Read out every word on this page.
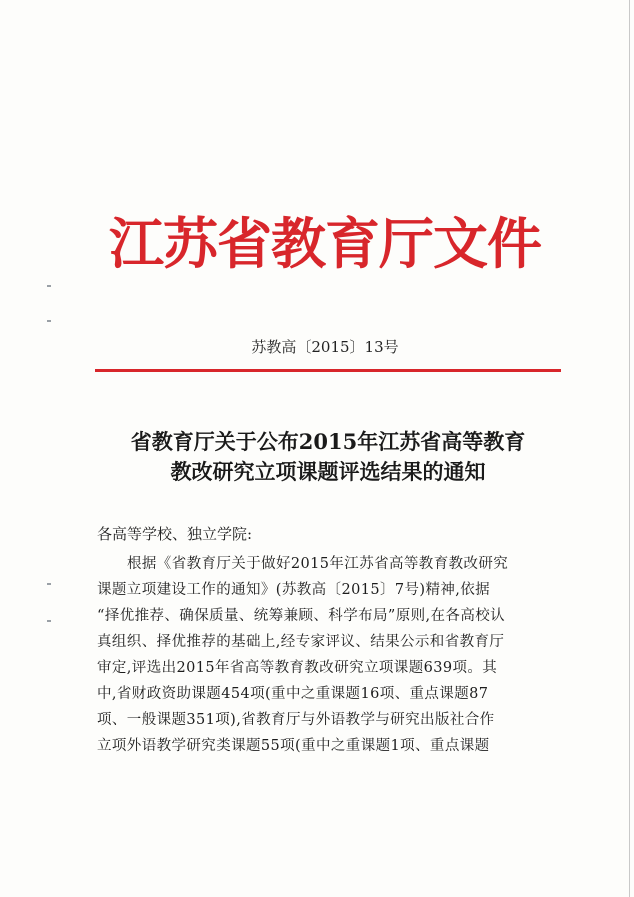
江苏省教育厅文件
苏教高〔2015〕13号
省教育厅关于公布2015年江苏省高等教育
教改研究立项课题评选结果的通知
各高等学校、独立学院:
根据《省教育厅关于做好2015年江苏省高等教育教改研究
课题立项建设工作的通知》(苏教高〔2015〕7号)精神,依据
“择优推荐、确保质量、统筹兼顾、科学布局”原则,在各高校认
真组织、择优推荐的基础上,经专家评议、结果公示和省教育厅
审定,评选出2015年省高等教育教改研究立项课题639项。其
中,省财政资助课题454项(重中之重课题16项、重点课题87
项、一般课题351项),省教育厅与外语教学与研究出版社合作
立项外语教学研究类课题55项(重中之重课题1项、重点课题
